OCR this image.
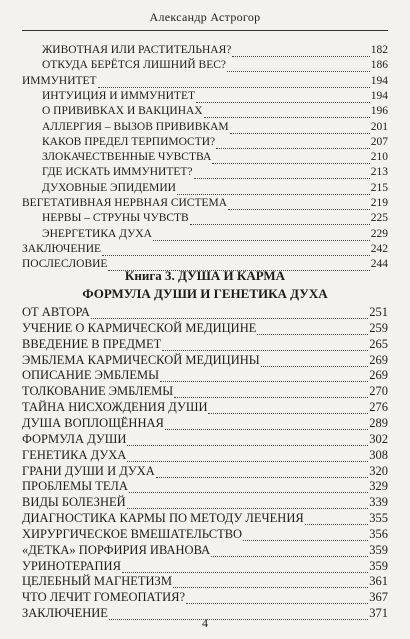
Александр Астрогор
ЖИВОТНАЯ ИЛИ РАСТИТЕЛЬНАЯ?	182
ОТКУДА БЕРЁТСЯ ЛИШНИЙ ВЕС?	186
ИММУНИТЕТ	194
ИНТУИЦИЯ И ИММУНИТЕТ	194
О ПРИВИВКАХ И ВАКЦИНАХ	196
АЛЛЕРГИЯ – ВЫЗОВ ПРИВИВКАМ	201
КАКОВ ПРЕДЕЛ ТЕРПИМОСТИ?	207
ЗЛОКАЧЕСТВЕННЫЕ ЧУВСТВА	210
ГДЕ ИСКАТЬ ИММУНИТЕТ?	213
ДУХОВНЫЕ ЭПИДЕМИИ	215
ВЕГЕТАТИВНАЯ НЕРВНАЯ СИСТЕМА	219
НЕРВЫ – СТРУНЫ ЧУВСТВ	225
ЭНЕРГЕТИКА ДУХА	229
ЗАКЛЮЧЕНИЕ	242
ПОСЛЕСЛОВИЕ	244
Книга 3. ДУША И КАРМА
ФОРМУЛА ДУШИ И ГЕНЕТИКА ДУХА
ОТ АВТОРА	251
УЧЕНИЕ О КАРМИЧЕСКОЙ МЕДИЦИНЕ	259
ВВЕДЕНИЕ В ПРЕДМЕТ	265
ЭМБЛЕМА КАРМИЧЕСКОЙ МЕДИЦИНЫ	269
ОПИСАНИЕ ЭМБЛЕМЫ	269
ТОЛКОВАНИЕ ЭМБЛЕМЫ	270
ТАЙНА НИСХОЖДЕНИЯ ДУШИ	276
ДУША ВОПЛОЩЁННАЯ	289
ФОРМУЛА ДУШИ	302
ГЕНЕТИКА ДУХА	308
ГРАНИ ДУШИ И ДУХА	320
ПРОБЛЕМЫ ТЕЛА	329
ВИДЫ БОЛЕЗНЕЙ	339
ДИАГНОСТИКА КАРМЫ ПО МЕТОДУ ЛЕЧЕНИЯ	355
ХИРУРГИЧЕСКОЕ ВМЕШАТЕЛЬСТВО	356
«ДЕТКА» ПОРФИРИЯ ИВАНОВА	359
УРИНОТЕРАПИЯ	359
ЦЕЛЕБНЫЙ МАГНЕТИЗМ	361
ЧТО ЛЕЧИТ ГОМЕОПАТИЯ?	367
ЗАКЛЮЧЕНИЕ	371
4
